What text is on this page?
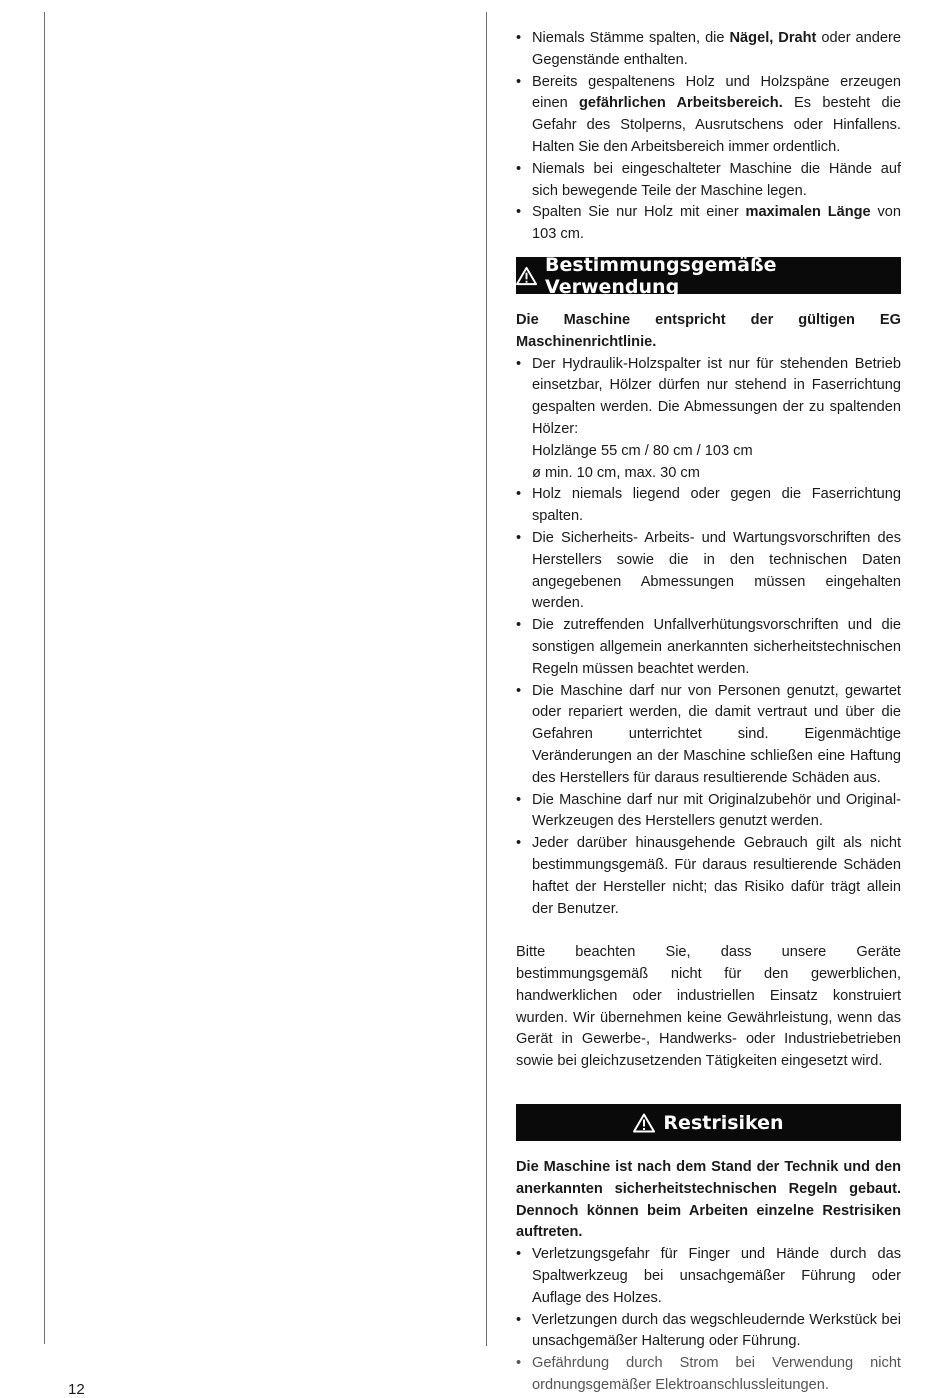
• Niemals Stämme spalten, die Nägel, Draht oder andere Gegenstände enthalten.
• Bereits gespaltenens Holz und Holzspäne erzeugen einen gefährlichen Arbeitsbereich. Es besteht die Gefahr des Stolperns, Ausrutschens oder Hinfallens. Halten Sie den Arbeitsbereich immer ordentlich.
• Niemals bei eingeschalteter Maschine die Hände auf sich bewegende Teile der Maschine legen.
• Spalten Sie nur Holz mit einer maximalen Länge von 103 cm.
Bestimmungsgemäße Verwendung
Die Maschine entspricht der gültigen EG Maschinenrichtlinie.
• Der Hydraulik-Holzspalter ist nur für stehenden Betrieb einsetzbar, Hölzer dürfen nur stehend in Faserrichtung gespalten werden. Die Abmessungen der zu spaltenden Hölzer:
Holzlänge 55 cm / 80 cm / 103 cm
ø min. 10 cm, max. 30 cm
• Holz niemals liegend oder gegen die Faserrichtung spalten.
• Die Sicherheits- Arbeits- und Wartungsvorschriften des Herstellers sowie die in den technischen Daten angegebenen Abmessungen müssen eingehalten werden.
• Die zutreffenden Unfallverhütungsvorschriften und die sonstigen allgemein anerkannten sicherheitstechnischen Regeln müssen beachtet werden.
• Die Maschine darf nur von Personen genutzt, gewartet oder repariert werden, die damit vertraut und über die Gefahren unterrichtet sind. Eigenmächtige Veränderungen an der Maschine schließen eine Haftung des Herstellers für daraus resultierende Schäden aus.
• Die Maschine darf nur mit Originalzubehör und Original-Werkzeugen des Herstellers genutzt werden.
• Jeder darüber hinausgehende Gebrauch gilt als nicht bestimmungsgemäß. Für daraus resultierende Schäden haftet der Hersteller nicht; das Risiko dafür trägt allein der Benutzer.
Bitte beachten Sie, dass unsere Geräte bestimmungsgemäß nicht für den gewerblichen, handwerklichen oder industriellen Einsatz konstruiert wurden. Wir übernehmen keine Gewährleistung, wenn das Gerät in Gewerbe-, Handwerks- oder Industriebetrieben sowie bei gleichzusetzenden Tätigkeiten eingesetzt wird.
Restrisiken
Die Maschine ist nach dem Stand der Technik und den anerkannten sicherheitstechnischen Regeln gebaut. Dennoch können beim Arbeiten einzelne Restrisiken auftreten.
• Verletzungsgefahr für Finger und Hände durch das Spaltwerkzeug bei unsachgemäßer Führung oder Auflage des Holzes.
• Verletzungen durch das wegschleudernde Werkstück bei unsachgemäßer Halterung oder Führung.
• Gefährdung durch Strom bei Verwendung nicht ordnungsgemäßer Elektroanschlussleitungen.
12
